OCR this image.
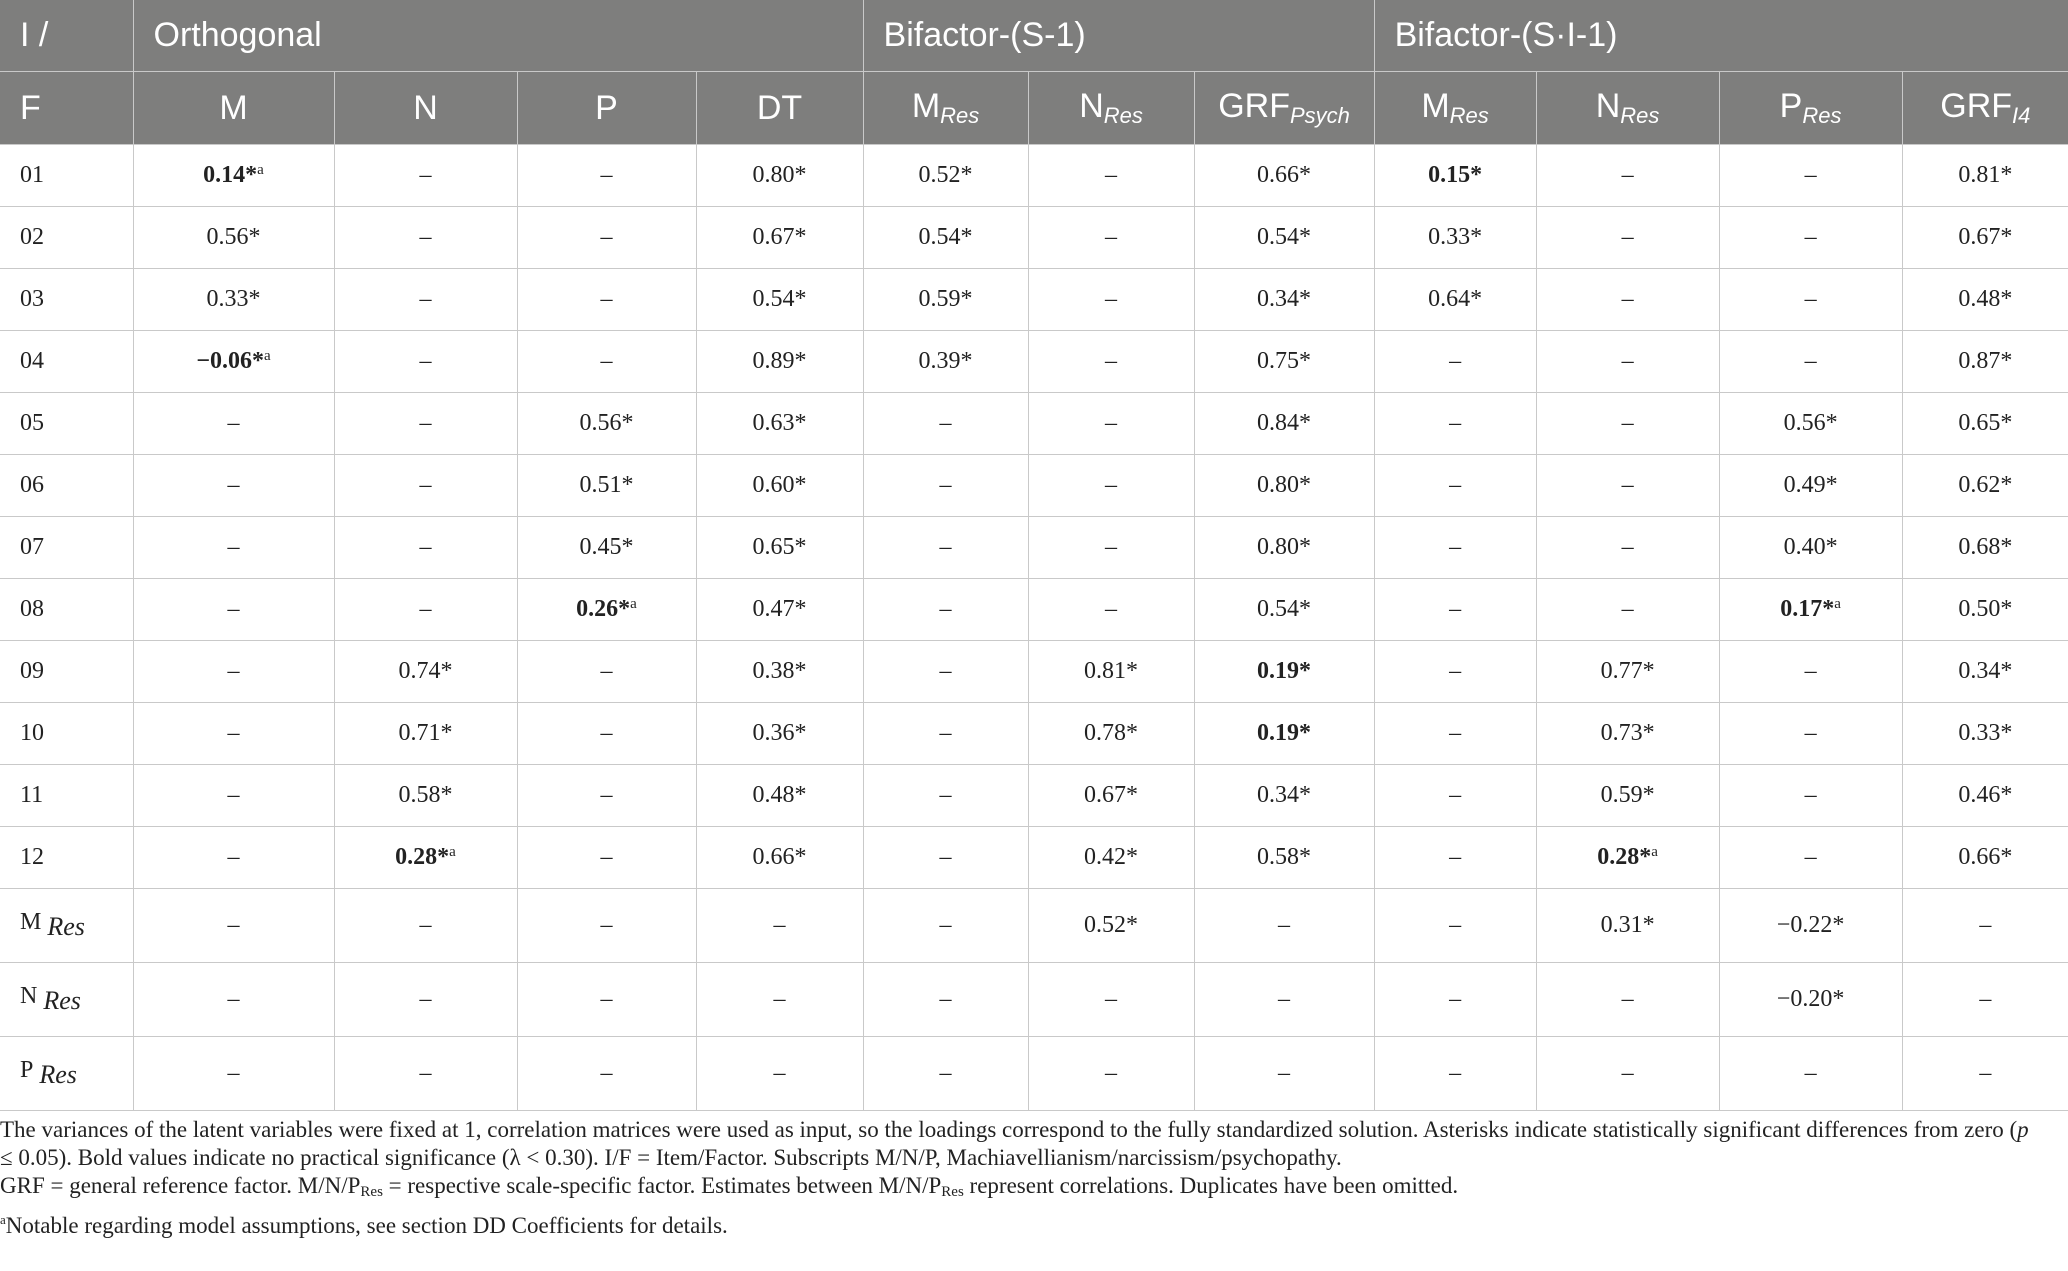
I /	Orthogonal				Bifactor-(S-1)			Bifactor-(S·I-1)			
F	M	N	P	DT	$M_{Res}$	$N_{Res}$	$GRF_{Psych}$	$M_{Res}$	$N_{Res}$	$P_{Res}$	$GRF_{I4}$
01	0.14*$^a$	–	–	0.80*	0.52*	–	0.66*	0.15*	–	–	0.81*
02	0.56*	–	–	0.67*	0.54*	–	0.54*	0.33*	–	–	0.67*
03	0.33*	–	–	0.54*	0.59*	–	0.34*	0.64*	–	–	0.48*
04	−0.06*$^a$	–	–	0.89*	0.39*	–	0.75*	–	–	–	0.87*
05	–	–	0.56*	0.63*	–	–	0.84*	–	–	0.56*	0.65*
06	–	–	0.51*	0.60*	–	–	0.80*	–	–	0.49*	0.62*
07	–	–	0.45*	0.65*	–	–	0.80*	–	–	0.40*	0.68*
08	–	–	0.26*$^a$	0.47*	–	–	0.54*	–	–	0.17*$^a$	0.50*
09	–	0.74*	–	0.38*	–	0.81*	0.19*	–	0.77*	–	0.34*
10	–	0.71*	–	0.36*	–	0.78*	0.19*	–	0.73*	–	0.33*
11	–	0.58*	–	0.48*	–	0.67*	0.34*	–	0.59*	–	0.46*
12	–	0.28*$^a$	–	0.66*	–	0.42*	0.58*	–	0.28*$^a$	–	0.66*
M Res	–	–	–	–	–	0.52*	–	–	0.31*	−0.22*	–
N Res	–	–	–	–	–	–	–	–	–	−0.20*	–
P Res	–	–	–	–	–	–	–	–	–	–	–

The variances of the latent variables were fixed at 1, correlation matrices were used as input, so the loadings correspond to the fully standardized solution. Asterisks indicate statistically significant differences from zero (p ≤ 0.05). Bold values indicate no practical significance (λ < 0.30). I/F = Item/Factor. Subscripts M/N/P, Machiavellianism/narcissism/psychopathy.
GRF = general reference factor. M/N/PRes = respective scale-specific factor. Estimates between M/N/PRes represent correlations. Duplicates have been omitted.

$^a$Notable regarding model assumptions, see section DD Coefficients for details.
